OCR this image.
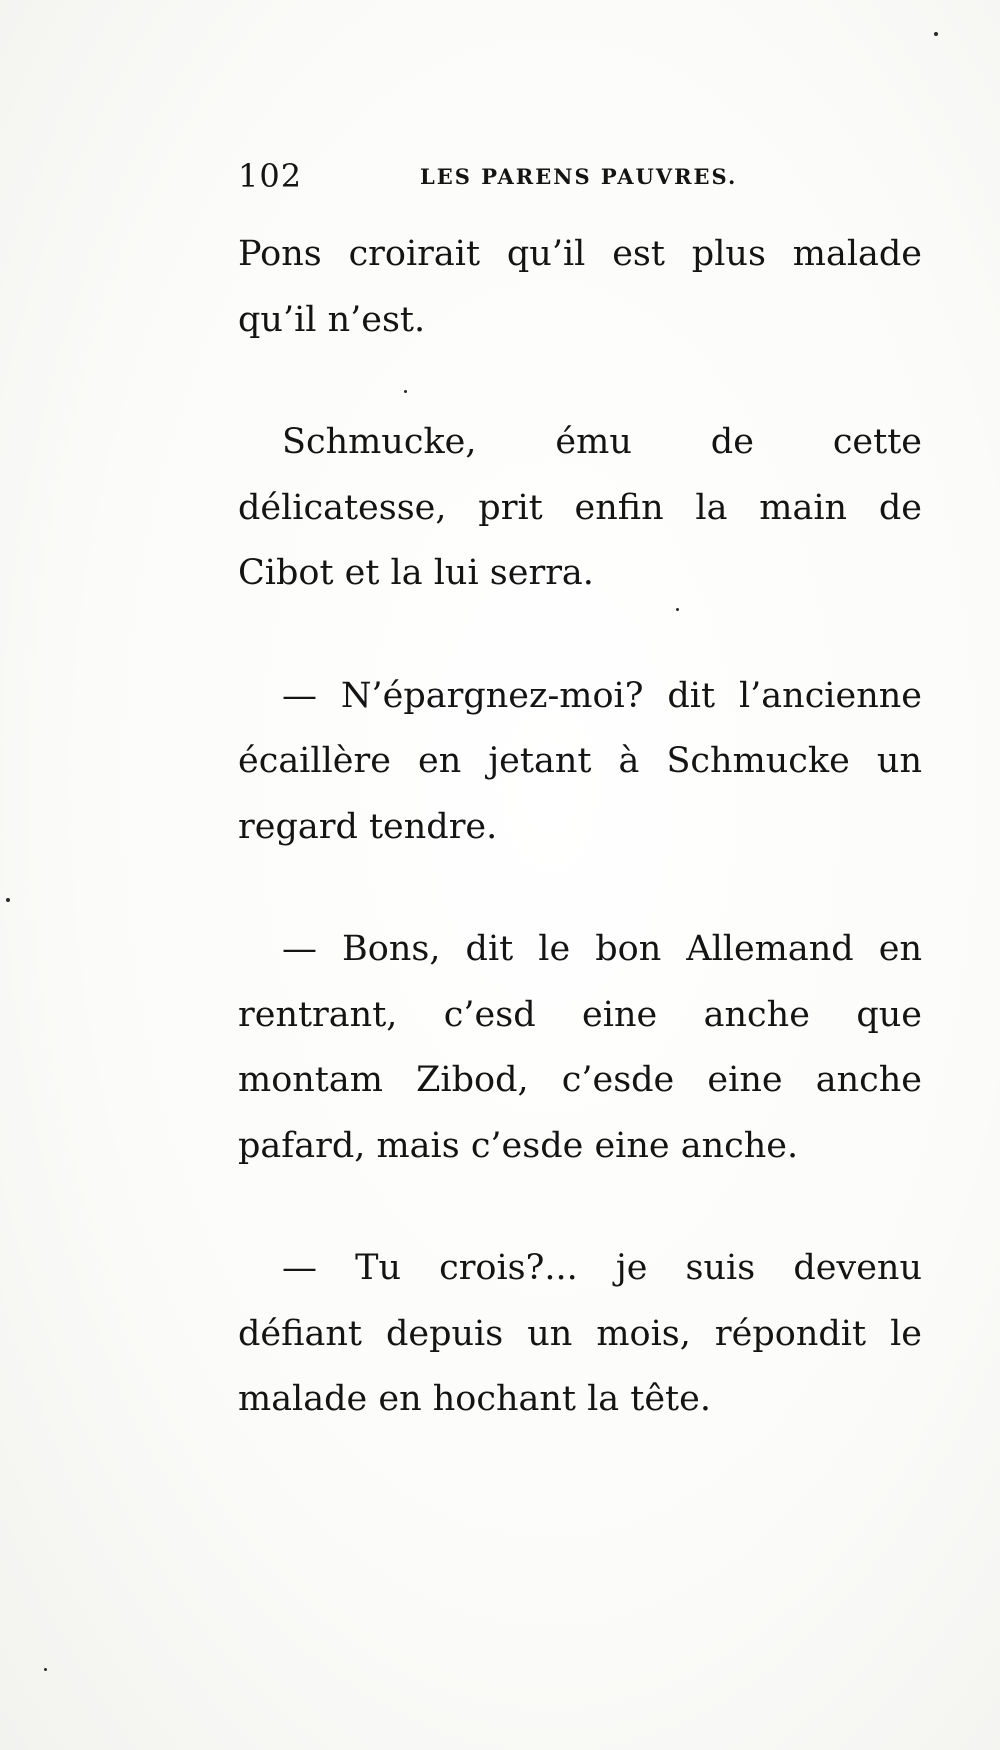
102	LES PARENS PAUVRES.

Pons croirait qu’il est plus malade qu’il n’est.

Schmucke, ému de cette délicatesse, prit enfin la main de Cibot et la lui serra.

— N’épargnez-moi? dit l’ancienne écaillère en jetant à Schmucke un regard tendre.

— Bons, dit le bon Allemand en rentrant, c’esd eine anche que montam Zibod, c’esde eine anche pafard, mais c’esde eine anche.

— Tu crois?... je suis devenu défiant depuis un mois, répondit le malade en hochant la tête.
